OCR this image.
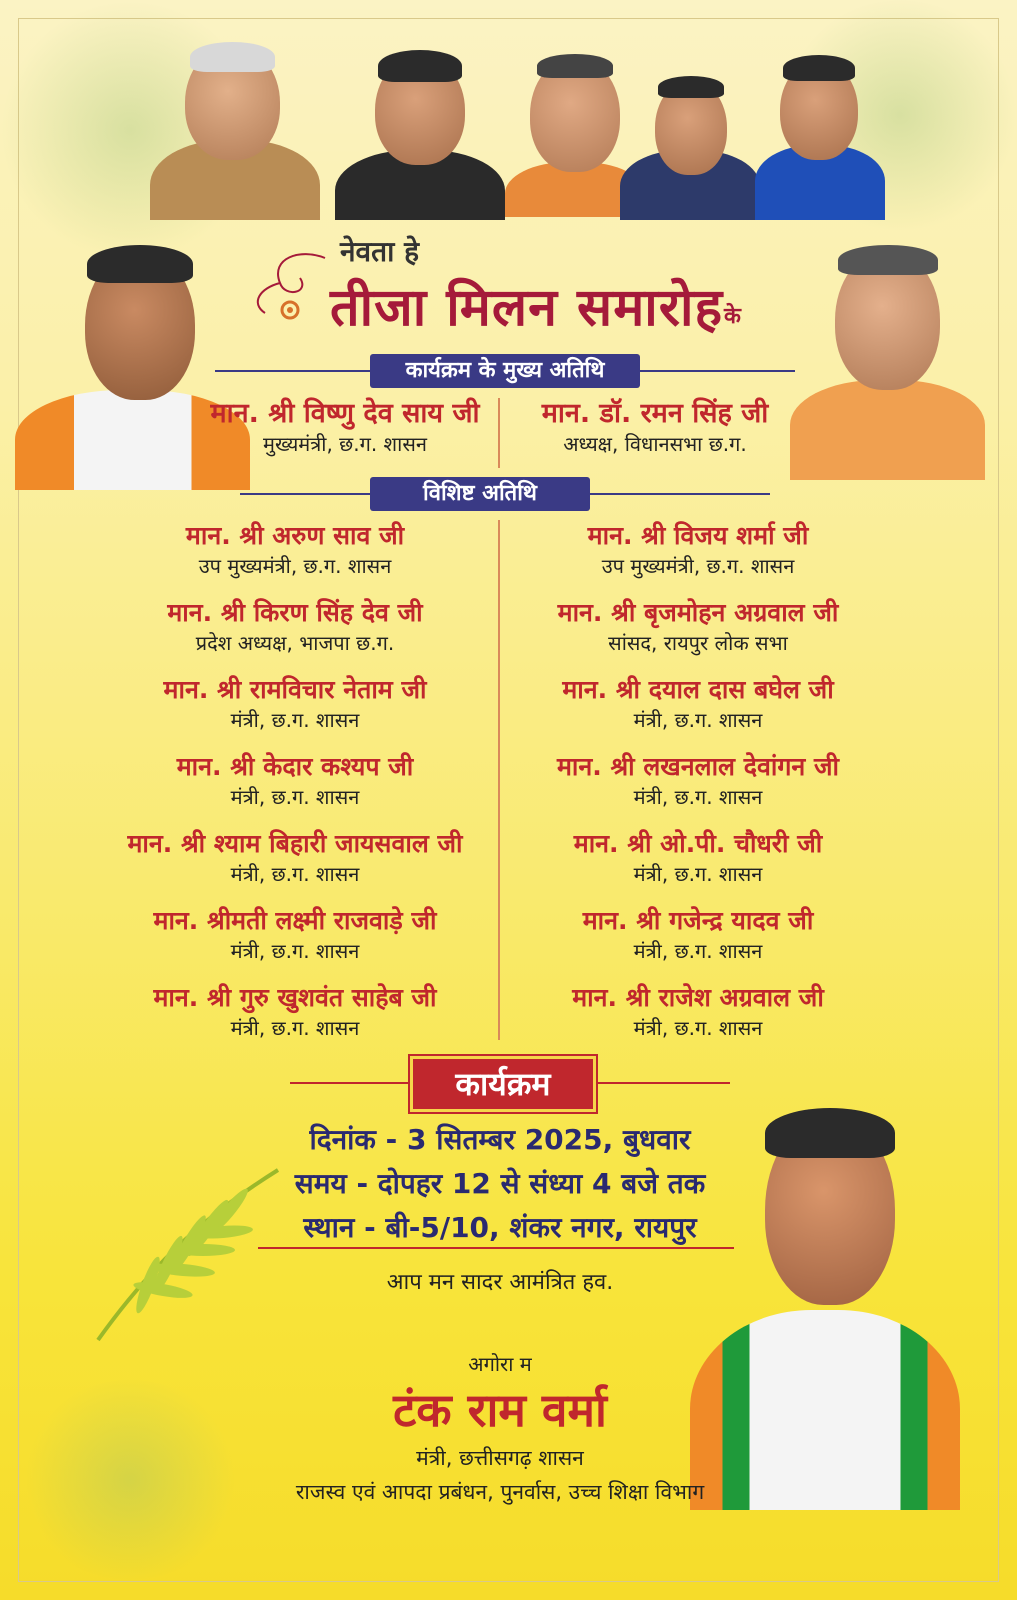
नेवता हे
तीजा मिलन समारोह के
कार्यक्रम के मुख्य अतिथि
मान. श्री विष्णु देव साय जी
मुख्यमंत्री, छ.ग. शासन
मान. डॉ. रमन सिंह जी
अध्यक्ष, विधानसभा छ.ग.
विशिष्ट अतिथि
मान. श्री अरुण साव जी
उप मुख्यमंत्री, छ.ग. शासन
मान. श्री किरण सिंह देव जी
प्रदेश अध्यक्ष, भाजपा छ.ग.
मान. श्री रामविचार नेताम जी
मंत्री, छ.ग. शासन
मान. श्री केदार कश्यप जी
मंत्री, छ.ग. शासन
मान. श्री श्याम बिहारी जायसवाल जी
मंत्री, छ.ग. शासन
मान. श्रीमती लक्ष्मी राजवाड़े जी
मंत्री, छ.ग. शासन
मान. श्री गुरु खुशवंत साहेब जी
मंत्री, छ.ग. शासन
मान. श्री विजय शर्मा जी
उप मुख्यमंत्री, छ.ग. शासन
मान. श्री बृजमोहन अग्रवाल जी
सांसद, रायपुर लोक सभा
मान. श्री दयाल दास बघेल जी
मंत्री, छ.ग. शासन
मान. श्री लखनलाल देवांगन जी
मंत्री, छ.ग. शासन
मान. श्री ओ.पी. चौधरी जी
मंत्री, छ.ग. शासन
मान. श्री गजेन्द्र यादव जी
मंत्री, छ.ग. शासन
मान. श्री राजेश अग्रवाल जी
मंत्री, छ.ग. शासन
कार्यक्रम
दिनांक - 3 सितम्बर 2025, बुधवार
समय - दोपहर 12 से संध्या 4 बजे तक
स्थान - बी-5/10, शंकर नगर, रायपुर
आप मन सादर आमंत्रित हव.
अगोरा म
टंक राम वर्मा
मंत्री, छत्तीसगढ़ शासन
राजस्व एवं आपदा प्रबंधन, पुनर्वास, उच्च शिक्षा विभाग
